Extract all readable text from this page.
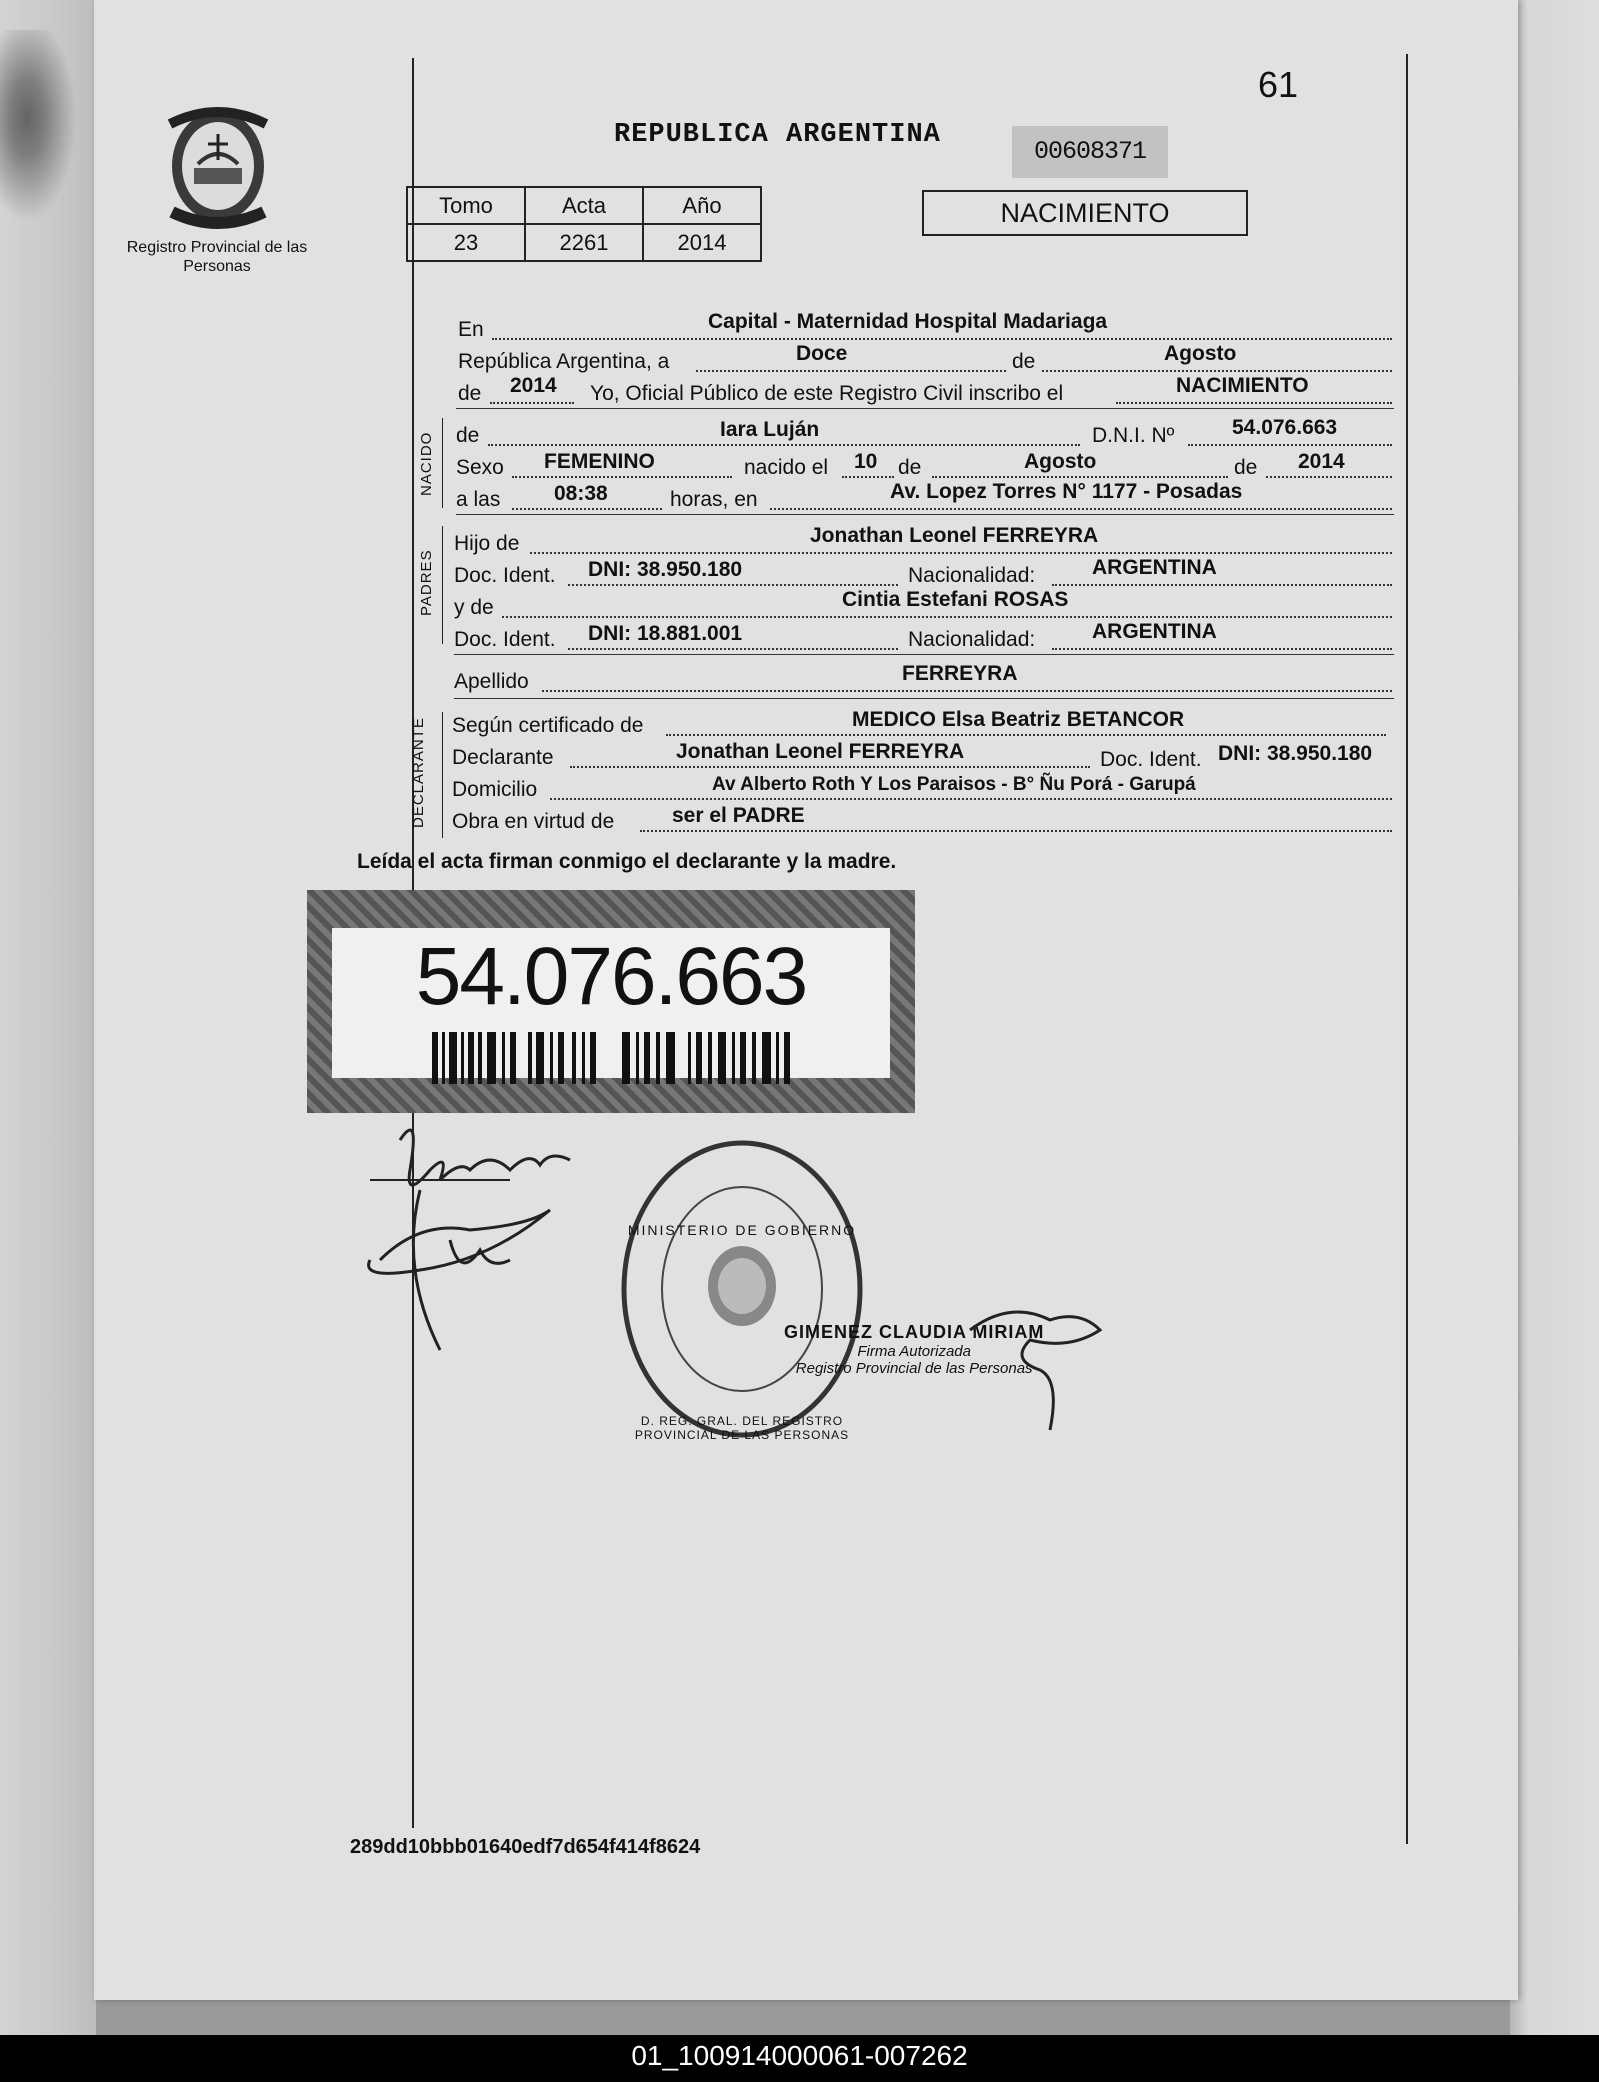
61
Registro Provincial de las Personas
REPUBLICA ARGENTINA
00608371
Tomo	Acta	Año
23	2261	2014
NACIMIENTO
En	Capital - Maternidad Hospital Madariaga
República Argentina, a	Doce	de	Agosto
de 2014 Yo, Oficial Público de este Registro Civil inscribo el	NACIMIENTO
NACIDO de	Iara Luján	D.N.I. Nº	54.076.663
Sexo FEMENINO	nacido el 10 de	Agosto	de 2014
a las	08:38	horas, en	Av. Lopez Torres N° 1177 - Posadas
PADRES
Hijo de	Jonathan Leonel FERREYRA
Doc. Ident. DNI: 38.950.180	Nacionalidad:	ARGENTINA
y de	Cintia Estefani ROSAS
Doc. Ident. DNI: 18.881.001	Nacionalidad:	ARGENTINA
Apellido	FERREYRA
DECLARANTE Según certificado de	MEDICO Elsa Beatriz BETANCOR
Declarante	Jonathan Leonel FERREYRA	Doc. Ident. DNI: 38.950.180
Domicilio	Av Alberto Roth Y Los Paraisos - B° Ñu Porá - Garupá
Obra en virtud de	ser el PADRE
Leída el acta firman conmigo el declarante y la madre.
54.076.663
D. REG. GRAL. DEL REGISTRO PROVINCIAL DE LAS PERSONAS
MINISTERIO DE GOBIERNO
GIMENEZ CLAUDIA MIRIAM
Firma Autorizada
Registro Provincial de las Personas
289dd10bbb01640edf7d654f414f8624
01_100914000061-007262
